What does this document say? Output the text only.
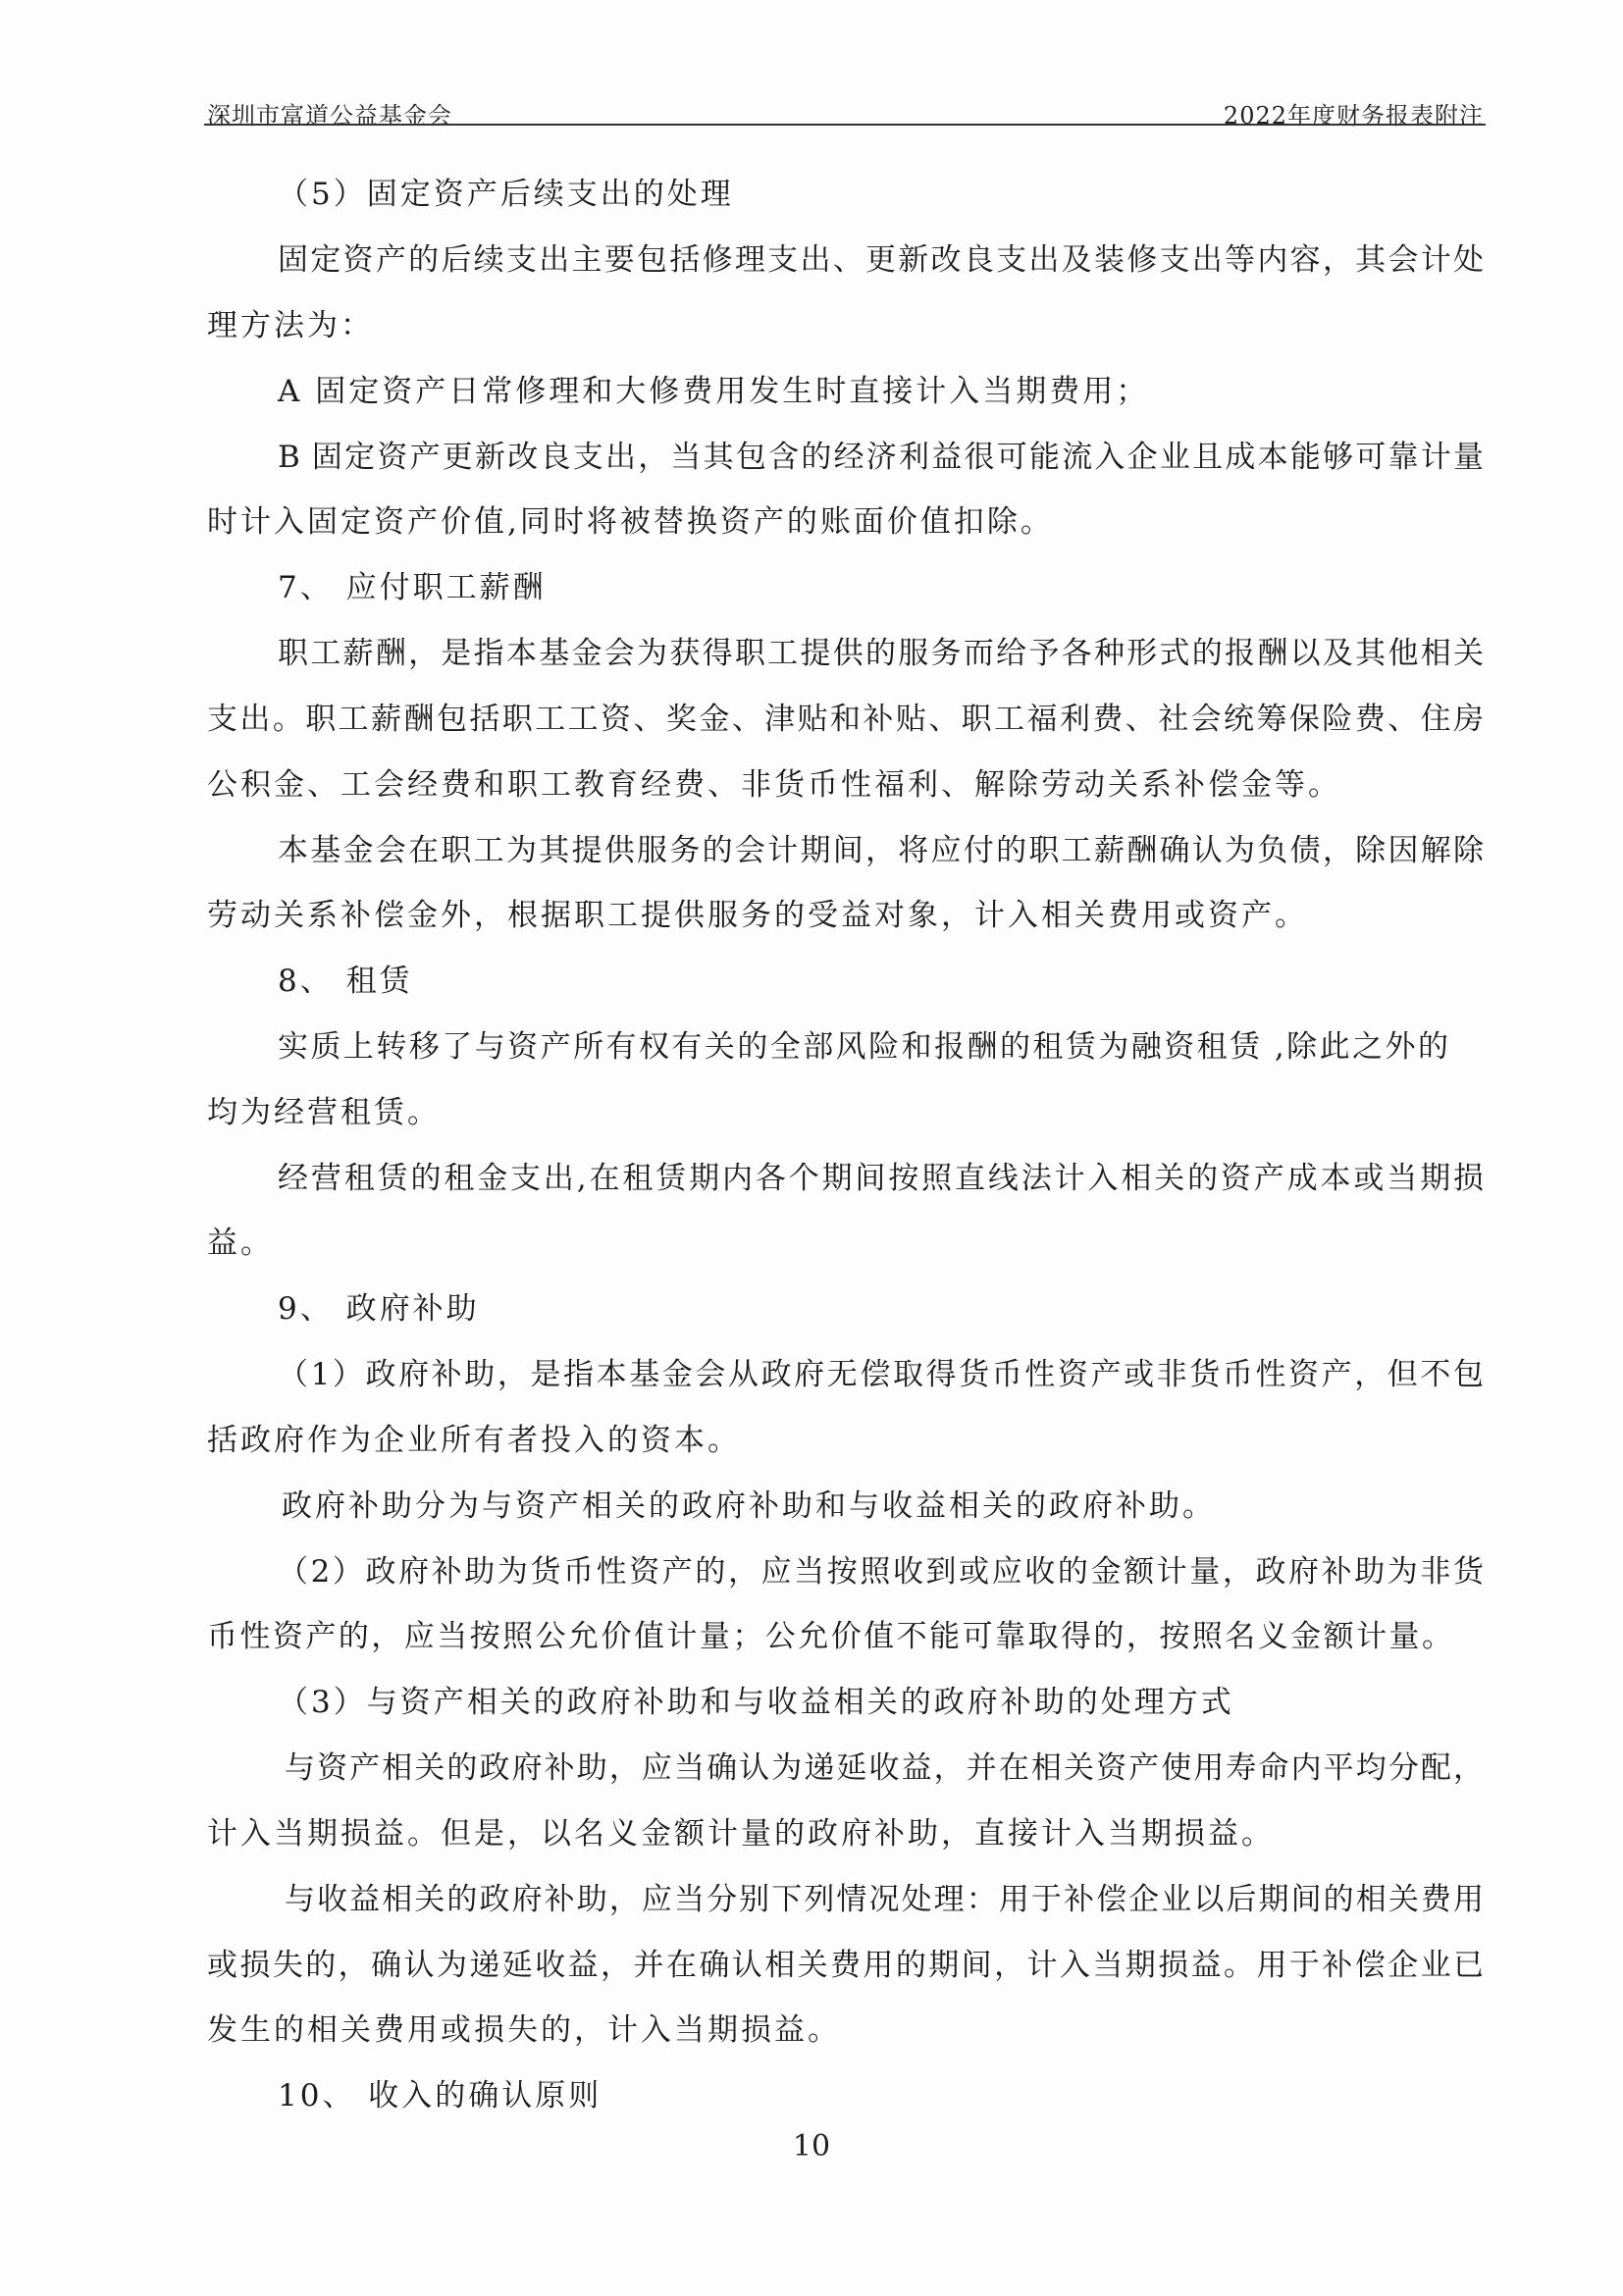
深圳市富道公益基金会	2022年度财务报表附注
（5）固定资产后续支出的处理
固定资产的后续支出主要包括修理支出、更新改良支出及装修支出等内容，其会计处
理方法为：
A 固定资产日常修理和大修费用发生时直接计入当期费用；
B 固定资产更新改良支出，当其包含的经济利益很可能流入企业且成本能够可靠计量
时计入固定资产价值,同时将被替换资产的账面价值扣除。
7、 应付职工薪酬
职工薪酬，是指本基金会为获得职工提供的服务而给予各种形式的报酬以及其他相关
支出。职工薪酬包括职工工资、奖金、津贴和补贴、职工福利费、社会统筹保险费、住房
公积金、工会经费和职工教育经费、非货币性福利、解除劳动关系补偿金等。
本基金会在职工为其提供服务的会计期间，将应付的职工薪酬确认为负债，除因解除
劳动关系补偿金外，根据职工提供服务的受益对象，计入相关费用或资产。
8、 租赁
实质上转移了与资产所有权有关的全部风险和报酬的租赁为融资租赁 ,除此之外的
均为经营租赁。
经营租赁的租金支出,在租赁期内各个期间按照直线法计入相关的资产成本或当期损
益。
9、 政府补助
（1）政府补助，是指本基金会从政府无偿取得货币性资产或非货币性资产，但不包
括政府作为企业所有者投入的资本。
政府补助分为与资产相关的政府补助和与收益相关的政府补助。
（2）政府补助为货币性资产的，应当按照收到或应收的金额计量，政府补助为非货
币性资产的，应当按照公允价值计量；公允价值不能可靠取得的，按照名义金额计量。
（3）与资产相关的政府补助和与收益相关的政府补助的处理方式
与资产相关的政府补助，应当确认为递延收益，并在相关资产使用寿命内平均分配，
计入当期损益。但是，以名义金额计量的政府补助，直接计入当期损益。
与收益相关的政府补助，应当分别下列情况处理：用于补偿企业以后期间的相关费用
或损失的，确认为递延收益，并在确认相关费用的期间，计入当期损益。用于补偿企业已
发生的相关费用或损失的，计入当期损益。
10、 收入的确认原则
10
